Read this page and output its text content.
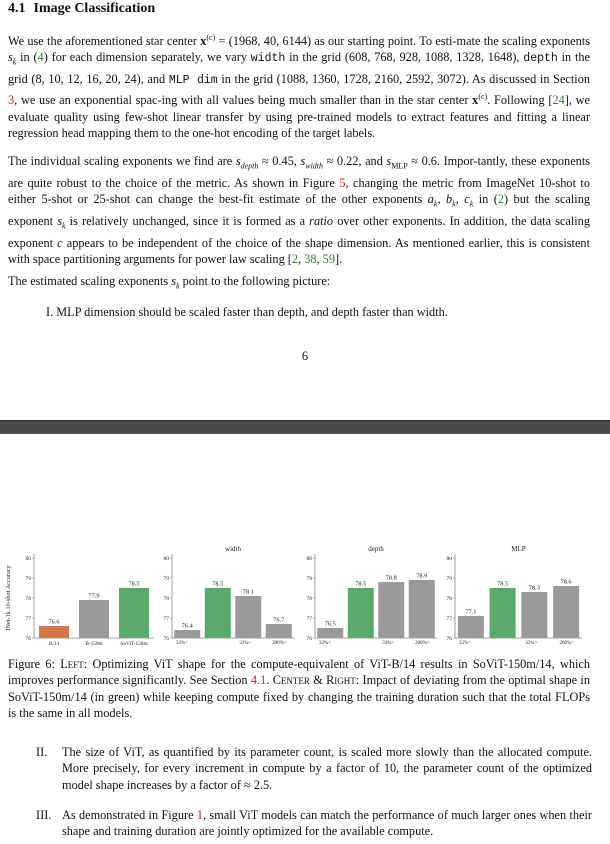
4.1 Image Classification
We use the aforementioned star center $x^{(c)} = (1968$, 40, 6144) as our starting point. To esti-mate the scaling exponents $s_k$ in (4) for each dimension separately, we vary width in the grid (608, 768, 928, 1088, 1328, 1648), depth in the grid (8, 10, 12, 16, 20, 24), and MLP dim in the grid (1088, 1360, 1728, 2160, 2592, 3072). As discussed in Section 3, we use an exponential spac-ing with all values being much smaller than in the star center $x^{(c)}$. Following [24], we evaluate quality using few-shot linear transfer by using pre-trained models to extract features and fitting a linear regression head mapping them to the one-hot encoding of the target labels.
The individual scaling exponents we find are $s_{depth} \approx 0.45$, $s_{width} \approx 0.22$, and $s_{MLP} \approx 0.6$. Impor-tantly, these exponents are quite robust to the choice of the metric. As shown in Figure 5, changing the metric from ImageNet 10-shot to either 5-shot or 25-shot can change the best-fit estimate of the other exponents $a_k$, $b_k$, $c_k$ in (2) but the scaling exponent $s_k$ is relatively unchanged, since it is formed as a ratio over other exponents. In addition, the data scaling exponent c appears to be independent of the choice of the shape dimension. As mentioned earlier, this is consistent with space partitioning arguments for power law scaling [2, 38, 59].
The estimated scaling exponents $s_k$ point to the following picture:
I. MLP dimension should be scaled faster than depth, and depth faster than width.
6
76
77
78
79
80
76.6
77.9
78.5
B/14	B-150m	SoViT-150m
76
77
78
79
80
width
76.4
78.5
78.1
76.7
33%<	33%>	200%>
76
77
78
79
80
depth
76.5
78.5
78.8	78.9
33%<	33%>	200%>
76
77
78
79
80
MLP
77.1
78.5
78.3
78.6
33%<	33%>	200%>
INet-1k 10-shot Accuracy
Figure 6: Left: Optimizing ViT shape for the compute-equivalent of ViT-B/14 results in SoViT-150m/14, which improves performance significantly. See Section 4.1. Center & Right: Impact of deviating from the optimal shape in SoViT-150m/14 (in green) while keeping compute fixed by changing the training duration such that the total FLOPs is the same in all models.
II. The size of ViT, as quantified by its parameter count, is scaled more slowly than the allocated compute. More precisely, for every increment in compute by a factor of 10, the parameter count of the optimized model shape increases by a factor of ≈ 2.5.
III. As demonstrated in Figure 1, small ViT models can match the performance of much larger ones when their shape and training duration are jointly optimized for the available compute.
